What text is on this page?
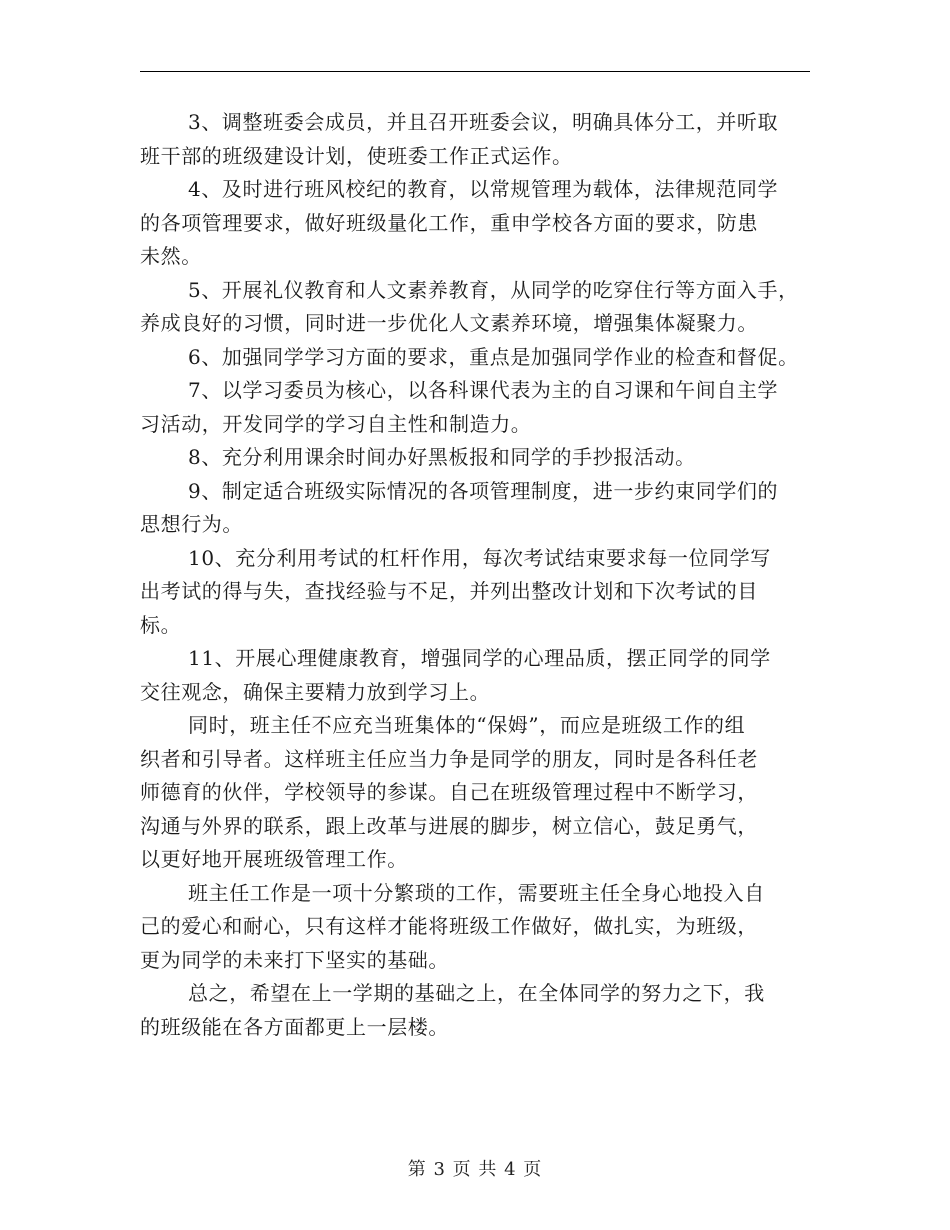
3、调整班委会成员，并且召开班委会议，明确具体分工，并听取
班干部的班级建设计划，使班委工作正式运作。

4、及时进行班风校纪的教育，以常规管理为载体，法律规范同学
的各项管理要求，做好班级量化工作，重申学校各方面的要求，防患
未然。

5、开展礼仪教育和人文素养教育，从同学的吃穿住行等方面入手，
养成良好的习惯，同时进一步优化人文素养环境，增强集体凝聚力。

6、加强同学学习方面的要求，重点是加强同学作业的检查和督促。

7、以学习委员为核心，以各科课代表为主的自习课和午间自主学
习活动，开发同学的学习自主性和制造力。

8、充分利用课余时间办好黑板报和同学的手抄报活动。

9、制定适合班级实际情况的各项管理制度，进一步约束同学们的
思想行为。

10、充分利用考试的杠杆作用，每次考试结束要求每一位同学写
出考试的得与失，查找经验与不足，并列出整改计划和下次考试的目
标。

11、开展心理健康教育，增强同学的心理品质，摆正同学的同学
交往观念，确保主要精力放到学习上。

同时，班主任不应充当班集体的“保姆”，而应是班级工作的组
织者和引导者。这样班主任应当力争是同学的朋友，同时是各科任老
师德育的伙伴，学校领导的参谋。自己在班级管理过程中不断学习，
沟通与外界的联系，跟上改革与进展的脚步，树立信心，鼓足勇气，
以更好地开展班级管理工作。

班主任工作是一项十分繁琐的工作，需要班主任全身心地投入自
己的爱心和耐心，只有这样才能将班级工作做好，做扎实，为班级，
更为同学的未来打下坚实的基础。

总之，希望在上一学期的基础之上，在全体同学的努力之下，我
的班级能在各方面都更上一层楼。

第 3 页 共 4 页
